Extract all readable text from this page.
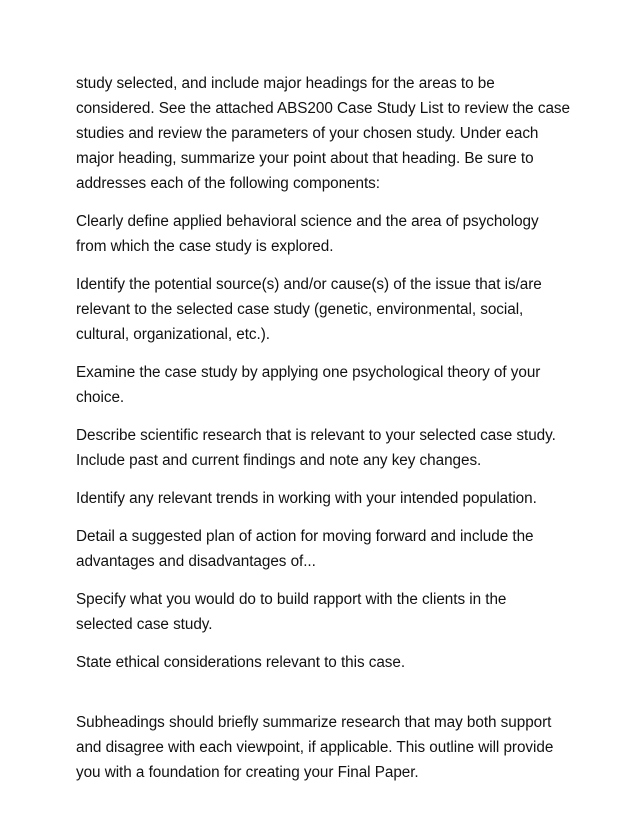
study selected, and include major headings for the areas to be
considered. See the attached ABS200 Case Study List to review the case
studies and review the parameters of your chosen study. Under each
major heading, summarize your point about that heading. Be sure to
addresses each of the following components:

Clearly define applied behavioral science and the area of psychology
from which the case study is explored.

Identify the potential source(s) and/or cause(s) of the issue that is/are
relevant to the selected case study (genetic, environmental, social,
cultural, organizational, etc.).

Examine the case study by applying one psychological theory of your
choice.

Describe scientific research that is relevant to your selected case study.
Include past and current findings and note any key changes.

Identify any relevant trends in working with your intended population.

Detail a suggested plan of action for moving forward and include the
advantages and disadvantages of...

Specify what you would do to build rapport with the clients in the
selected case study.

State ethical considerations relevant to this case.

Subheadings should briefly summarize research that may both support
and disagree with each viewpoint, if applicable. This outline will provide
you with a foundation for creating your Final Paper.
